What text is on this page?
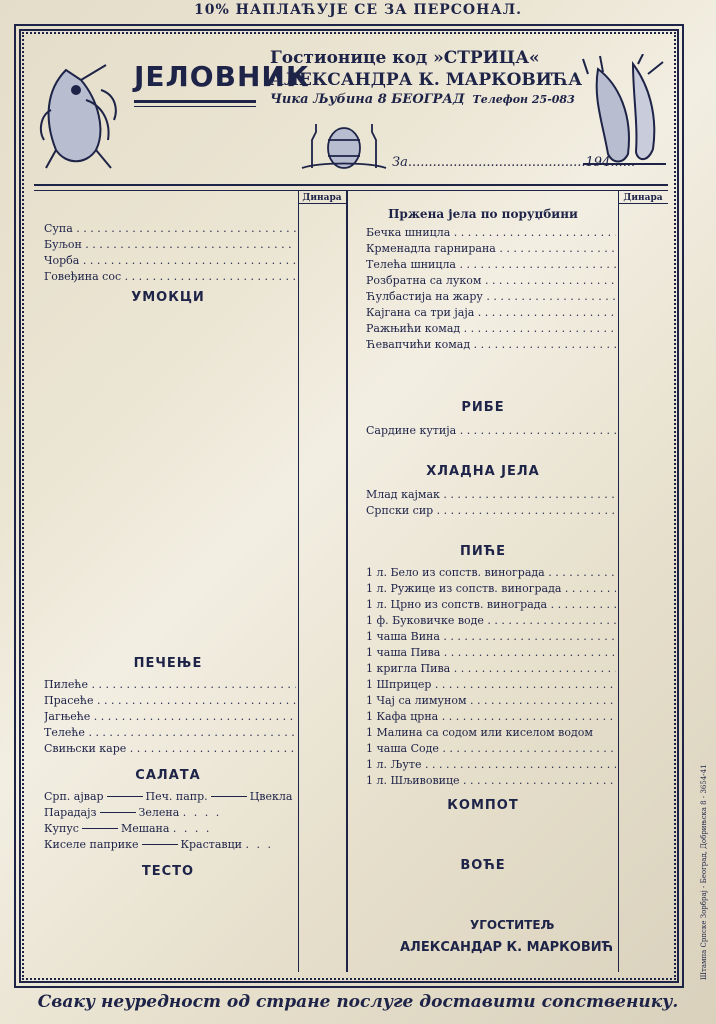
10% НАПЛАЋУЈЕ СЕ ЗА ПЕРСОНАЛ.
ЈЕЛОВНИК
Гостионице код »СТРИЦА«
АЛЕКСАНДРА К. МАРКОВИЋА
Чика Љубина 8 БЕОГРАД Телефон 25-083
За...........................................194......
Динара	Динара
Супа . . .
Буљон . . .
Чорба . . .
Говеђина сос . . .
УМОКЦИ
ПЕЧЕЊЕ
Пилеће . . .
Прасеће . . .
Јагњеће . . .
Телеће . . .
Свињски каре . . .
САЛАТА
Срп. ајвар	Печ. папр.	Цвекла
Парадајз	Зелена . . . .
Купус	Мешана . . . .
Киселе паприке	Краставци . . .
ТЕСТО
Пржена јела по поруџбини
Бечка шницла . . .
Крменадла гарнирана . . .
Телећа шницла . . .
Розбратна са луком . . .
Ћулбастија на жару . . .
Кајгана са три јаја . . .
Ражњићи комад . . .
Ћевапчићи комад . . .
РИБЕ
Сардине кутија . . .
ХЛАДНА ЈЕЛА
Млад кајмак . . .
Српски сир . . .
ПИЋЕ
1 л. Бело из сопств. винограда . . .
1 л. Ружице из сопств. винограда . . .
1 л. Црно из сопств. винограда . . .
1 ф. Буковичке воде . . .
1 чаша Вина . . .
1 чаша Пива . . .
1 кригла Пива . . .
1 Шприцер . . .
1 Чај са лимуном . . .
1 Кафа црна . . .
1 Малина са содом или киселом водом
1 чаша Соде . . .
1 л. Љуте . . .
1 л. Шљивовице . . .
КОМПОТ
ВОЋЕ
УГОСТИТЕЉ
АЛЕКСАНДАР К. МАРКОВИЋ	Штампа Српске Зорбрај - Београд, Добрињска 8 - 3654-41
Сваку неуредност од стране послуге доставити сопственику.
